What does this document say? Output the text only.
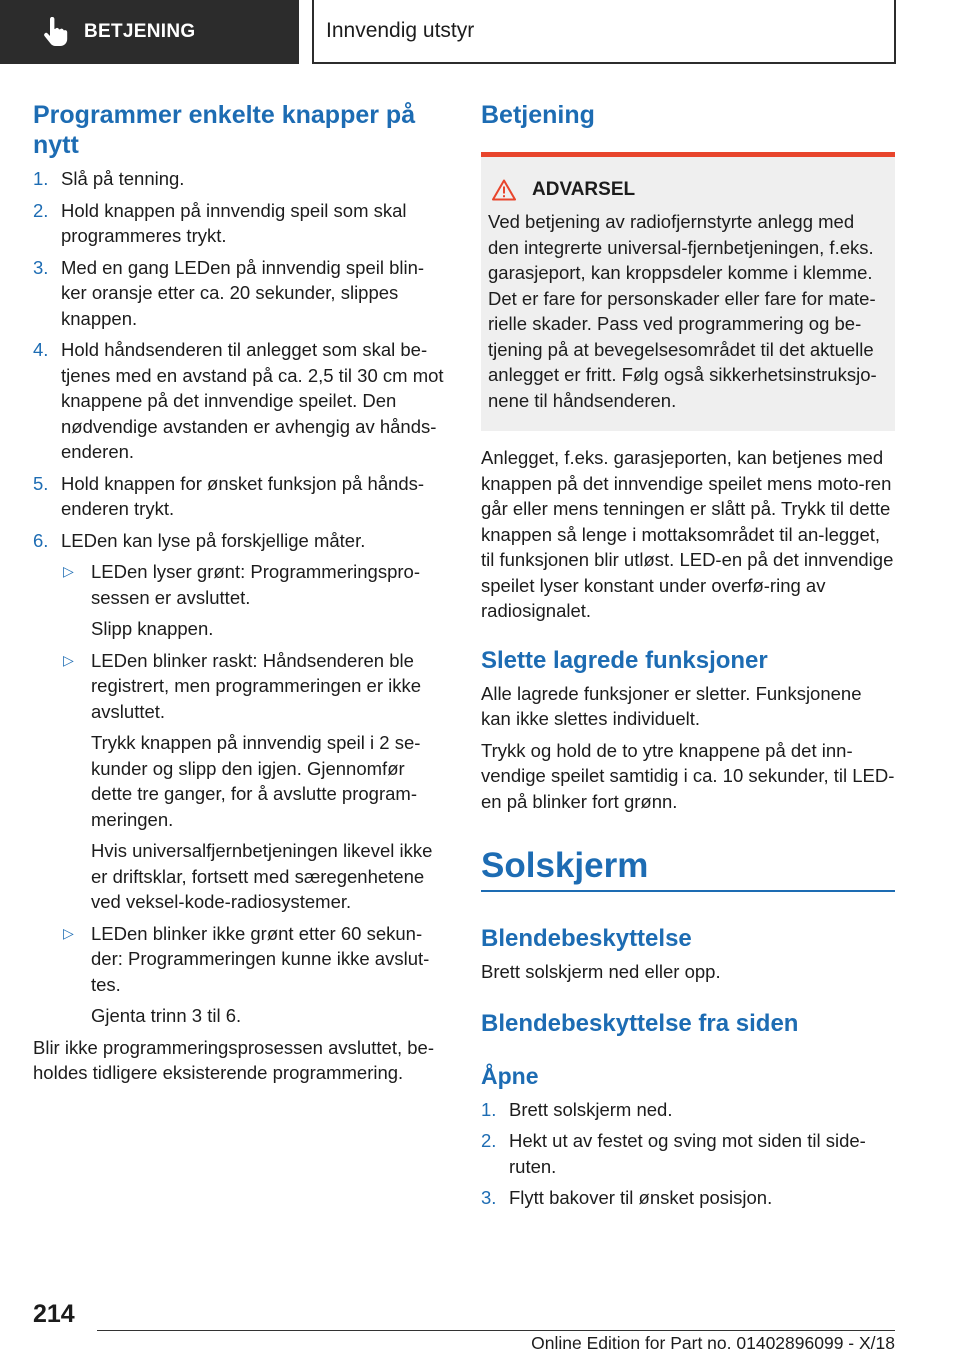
BETJENING	Innvendig utstyr
Programmer enkelte knapper på nytt
1. Slå på tenning.
2. Hold knappen på innvendig speil som skal programmeres trykt.
3. Med en gang LEDen på innvendig speil blin-ker oransje etter ca. 20 sekunder, slippes knappen.
4. Hold håndsenderen til anlegget som skal be-tjenes med en avstand på ca. 2,5 til 30 cm mot knappene på det innvendige speilet. Den nødvendige avstanden er avhengig av hånds-enderen.
5. Hold knappen for ønsket funksjon på hånds-enderen trykt.
6. LEDen kan lyse på forskjellige måter.
▷ LEDen lyser grønt: Programmeringspro-sessen er avsluttet.
Slipp knappen.
▷ LEDen blinker raskt: Håndsenderen ble registrert, men programmeringen er ikke avsluttet.
Trykk knappen på innvendig speil i 2 se-kunder og slipp den igjen. Gjennomfør dette tre ganger, for å avslutte program-meringen.
Hvis universalfjernbetjeningen likevel ikke er driftsklar, fortsett med særegenhetene ved veksel-kode-radiosystemer.
▷ LEDen blinker ikke grønt etter 60 sekun-der: Programmeringen kunne ikke avslut-tes.
Gjenta trinn 3 til 6.
Blir ikke programmeringsprosessen avsluttet, be-holdes tidligere eksisterende programmering.
Betjening
ADVARSEL
Ved betjening av radiofjernstyrte anlegg med den integrerte universal-fjernbetjeningen, f.eks. garasjeport, kan kroppsdeler komme i klemme. Det er fare for personskader eller fare for mate-rielle skader. Pass ved programmering og be-tjening på at bevegelsesområdet til det aktuelle anlegget er fritt. Følg også sikkerhetsinstruksjo-nene til håndsenderen.
Anlegget, f.eks. garasjeporten, kan betjenes med knappen på det innvendige speilet mens moto-ren går eller mens tenningen er slått på. Trykk til dette knappen så lenge i mottaksområdet til an-legget, til funksjonen blir utløst. LED-en på det innvendige speilet lyser konstant under overfø-ring av radiosignalet.
Slette lagrede funksjoner
Alle lagrede funksjoner er sletter. Funksjonene kan ikke slettes individuelt.
Trykk og hold de to ytre knappene på det inn-vendige speilet samtidig i ca. 10 sekunder, til LED-en på blinker fort grønn.
Solskjerm
Blendebeskyttelse
Brett solskjerm ned eller opp.
Blendebeskyttelse fra siden
Åpne
1. Brett solskjerm ned.
2. Hekt ut av festet og sving mot siden til side-ruten.
3. Flytt bakover til ønsket posisjon.
214
Online Edition for Part no. 01402896099 - X/18
